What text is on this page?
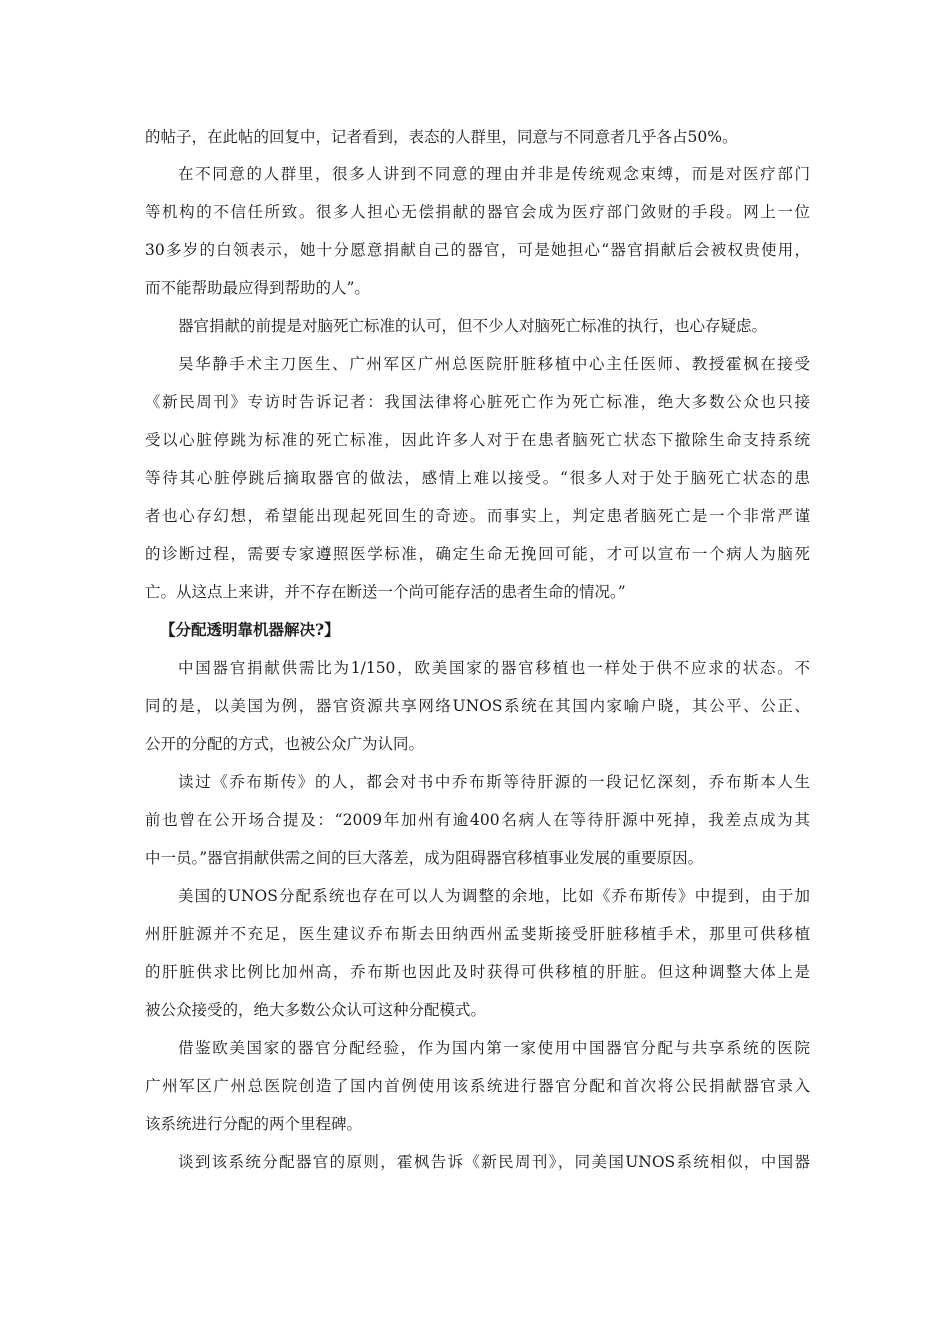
的帖子，在此帖的回复中，记者看到，表态的人群里，同意与不同意者几乎各占50%。
在不同意的人群里，很多人讲到不同意的理由并非是传统观念束缚，而是对医疗部门
等机构的不信任所致。很多人担心无偿捐献的器官会成为医疗部门敛财的手段。网上一位
30多岁的白领表示，她十分愿意捐献自己的器官，可是她担心“器官捐献后会被权贵使用，
而不能帮助最应得到帮助的人”。
器官捐献的前提是对脑死亡标准的认可，但不少人对脑死亡标准的执行，也心存疑虑。
吴华静手术主刀医生、广州军区广州总医院肝脏移植中心主任医师、教授霍枫在接受
《新民周刊》专访时告诉记者：我国法律将心脏死亡作为死亡标准，绝大多数公众也只接
受以心脏停跳为标准的死亡标准，因此许多人对于在患者脑死亡状态下撤除生命支持系统
等待其心脏停跳后摘取器官的做法，感情上难以接受。“很多人对于处于脑死亡状态的患
者也心存幻想，希望能出现起死回生的奇迹。而事实上，判定患者脑死亡是一个非常严谨
的诊断过程，需要专家遵照医学标准，确定生命无挽回可能，才可以宣布一个病人为脑死
亡。从这点上来讲，并不存在断送一个尚可能存活的患者生命的情况。”
【分配透明靠机器解决?】
中国器官捐献供需比为1/150，欧美国家的器官移植也一样处于供不应求的状态。不
同的是，以美国为例，器官资源共享网络UNOS系统在其国内家喻户晓，其公平、公正、
公开的分配的方式，也被公众广为认同。
读过《乔布斯传》的人，都会对书中乔布斯等待肝源的一段记忆深刻，乔布斯本人生
前也曾在公开场合提及：“2009年加州有逾400名病人在等待肝源中死掉，我差点成为其
中一员。”器官捐献供需之间的巨大落差，成为阻碍器官移植事业发展的重要原因。
美国的UNOS分配系统也存在可以人为调整的余地，比如《乔布斯传》中提到，由于加
州肝脏源并不充足，医生建议乔布斯去田纳西州孟斐斯接受肝脏移植手术，那里可供移植
的肝脏供求比例比加州高，乔布斯也因此及时获得可供移植的肝脏。但这种调整大体上是
被公众接受的，绝大多数公众认可这种分配模式。
借鉴欧美国家的器官分配经验，作为国内第一家使用中国器官分配与共享系统的医院
广州军区广州总医院创造了国内首例使用该系统进行器官分配和首次将公民捐献器官录入
该系统进行分配的两个里程碑。
谈到该系统分配器官的原则，霍枫告诉《新民周刊》，同美国UNOS系统相似，中国器
